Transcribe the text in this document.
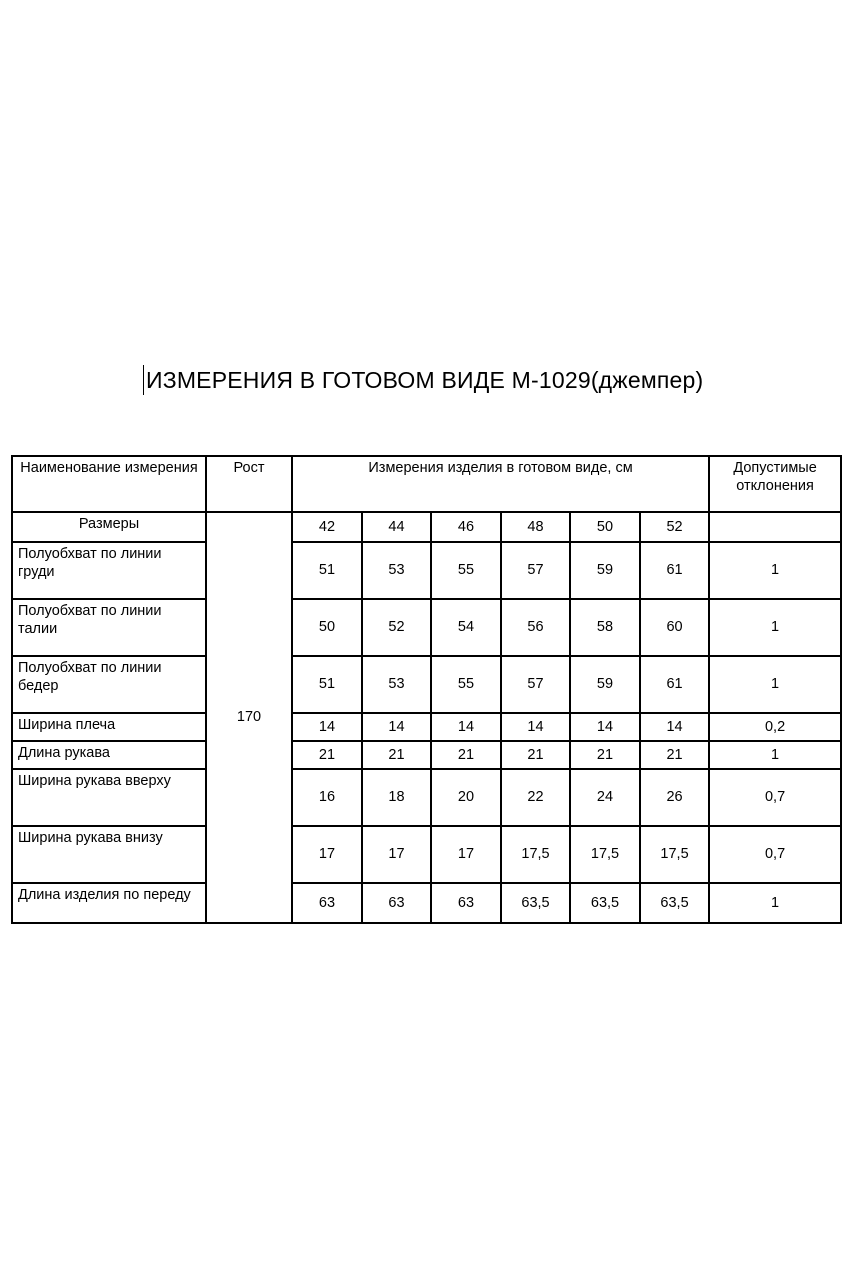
ИЗМЕРЕНИЯ В ГОТОВОМ ВИДЕ М-1029(джемпер)
Наименование измерения	Рост	Измерения изделия в готовом виде, см						Допустимые отклонения
Размеры	170	42	44	46	48	50	52	
Полуобхват по линии груди		51	53	55	57	59	61	1
Полуобхват по линии талии		50	52	54	56	58	60	1
Полуобхват по линии бедер		51	53	55	57	59	61	1
Ширина плеча		14	14	14	14	14	14	0,2
Длина рукава		21	21	21	21	21	21	1
Ширина рукава вверху		16	18	20	22	24	26	0,7
Ширина рукава внизу		17	17	17	17,5	17,5	17,5	0,7
Длина изделия по переду		63	63	63	63,5	63,5	63,5	1
